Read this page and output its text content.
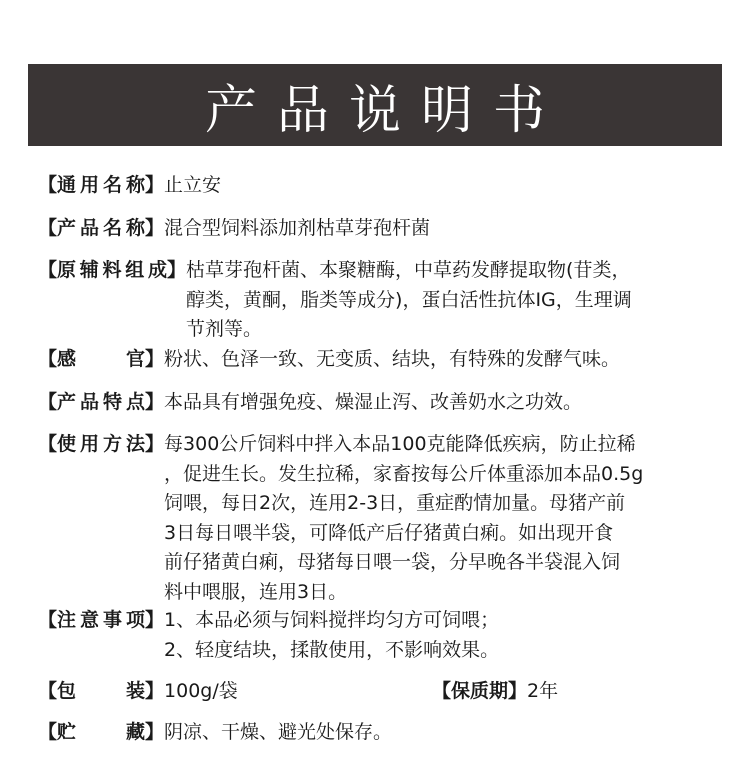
产品说明书
【 通用名称 】 止立安
【 产品名称 】 混合型饲料添加剂枯草芽孢杆菌
【 原辅料组成 】 枯草芽孢杆菌、本聚糖酶，中草药发酵提取物(苷类，
醇类，黄酮，脂类等成分)，蛋白活性抗体IG，生理调
节剂等。
【 感　　官 】 粉状、色泽一致、无变质、结块，有特殊的发酵气味。
【 产品特点 】 本品具有增强免疫、燥湿止泻、改善奶水之功效。
【 使用方法 】 每300公斤饲料中拌入本品100克能降低疾病，防止拉稀
，促进生长。发生拉稀，家畜按每公斤体重添加本品0.5g
饲喂，每日2次，连用2-3日，重症酌情加量。母猪产前
3日每日喂半袋，可降低产后仔猪黄白痢。如出现开食
前仔猪黄白痢，母猪每日喂一袋，分早晚各半袋混入饲
料中喂服，连用3日。
【 注意事项 】 1、本品必须与饲料搅拌均匀方可饲喂；
2、轻度结块，揉散使用，不影响效果。
【 包　　装 】 100g/袋	【 保质期 】 2年
【 贮　　藏 】 阴凉、干燥、避光处保存。
